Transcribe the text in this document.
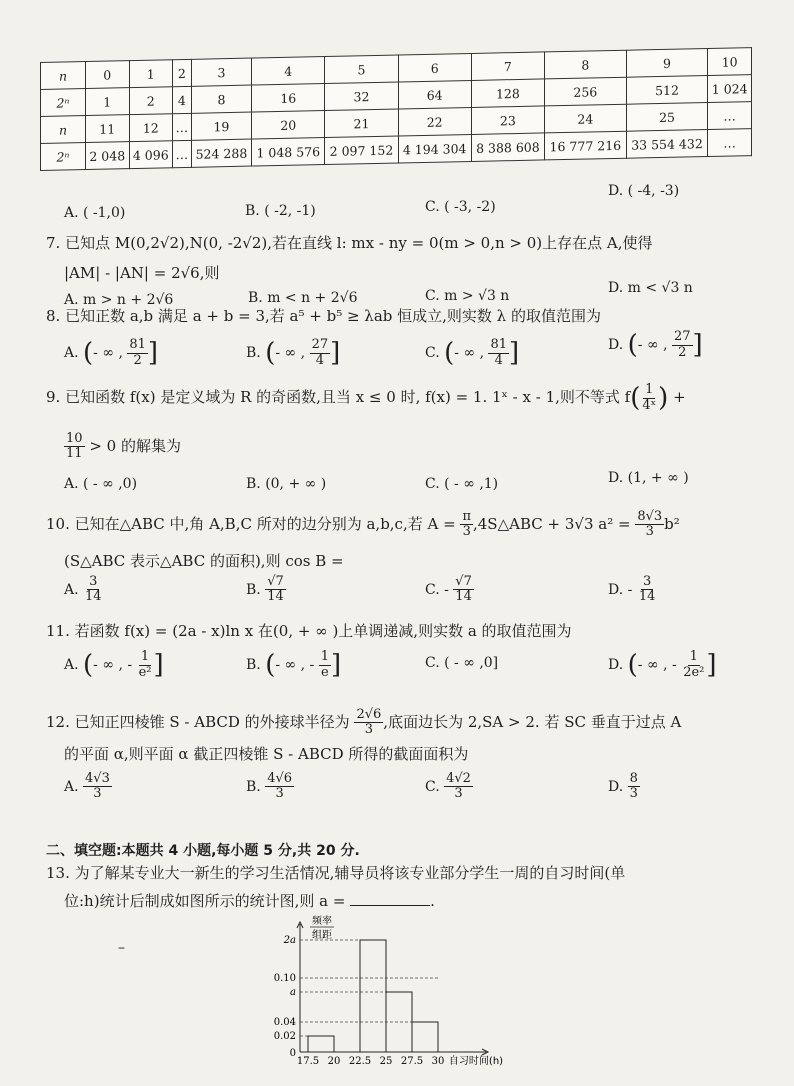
n	0	1	2	3	4	5	6	7	8	9	10
2ⁿ	1	2	4	8	16	32	64	128	256	512	1 024
n	11	12	…	19	20	21	22	23	24	25	…
2ⁿ	2 048	4 096	…	524 288	1 048 576	2 097 152	4 194 304	8 388 608	16 777 216	33 554 432	…
A. ( -1,0)	B. ( -2, -1)	C. ( -3, -2)
D. ( -4, -3)
7. 已知点 M(0,2√2),N(0, -2√2),若在直线 l: mx - ny = 0(m > 0,n > 0)上存在点 A,使得
|AM| - |AN| = 2√6,则
A. m > n + 2√6	B. m < n + 2√6	C. m > √3 n	D. m < √3 n
8. 已知正数 a,b 满足 a + b = 3,若 a⁵ + b⁵ ≥ λab 恒成立,则实数 λ 的取值范围为
A. (- ∞ , $\frac{81}{2}$ ]	B. (- ∞ , $\frac{27}{4}$ ]	C. (- ∞ , $\frac{81}{4}$ ]	D. (- ∞ , $\frac{27}{2}$ ]
9. 已知函数 f(x) 是定义域为 R 的奇函数,且当 x ≤ 0 时, f(x) = 1. 1ˣ - x - 1,则不等式 $f( \frac{1}{\text{4ˣ}}$ ) +
$\frac{10}{11} > 0$ 的解集为
A. ( - ∞ ,0)	B. (0, + ∞ )	C. ( - ∞ ,1)	D. (1, + ∞ )
10. 已知在△ABC 中,角 A,B,C 所对的边分别为 a,b,c,若 $A = \frac{\pi}{3}$ ,4S△ABC + 3√3 $a^2 = \frac{8√3}{3} b^2$
(S△ABC 表示△ABC 的面积),则 cos B =
A. $\frac{3}{14}$	B. $\frac{√7}{14}$	C. - $\frac{√7}{14}$	D. - $\frac{3}{14}$
11. 若函数 f(x) = (2a - x)ln x 在(0, + ∞ )上单调递减,则实数 a 的取值范围为
A. (- ∞ , - $\frac{1}{\text{e²}}$ ]	B. (- ∞ , - $\frac{1}{e}$ ]	C. ( - ∞ ,0]	D. (- ∞ , - $\frac{1}{\text{2e²}}$ ]
12. 已知正四棱锥 S - ABCD 的外接球半径为 $\frac{2√6}{3}$ ,底面边长为 2,SA > 2. 若 SC 垂直于过点 A
的平面 α,则平面 α 截正四棱锥 S - ABCD 所得的截面面积为
A. $\frac{4√3}{3}$	B. $\frac{4√6}{3}$	C. $\frac{4√2}{3}$	D. $\frac{8}{3}$
二、填空题:本题共 4 小题,每小题 5 分,共 20 分.
13. 为了解某专业大一新生的学习生活情况,辅导员将该专业部分学生一周的自习时间(单
位:h)统计后制成如图所示的统计图,则 a =	.
0.02
0.04
a
0.10
2a
0
17.5 20 22.5 25 27.5 30 自习时间(h)
频率
组距
–
